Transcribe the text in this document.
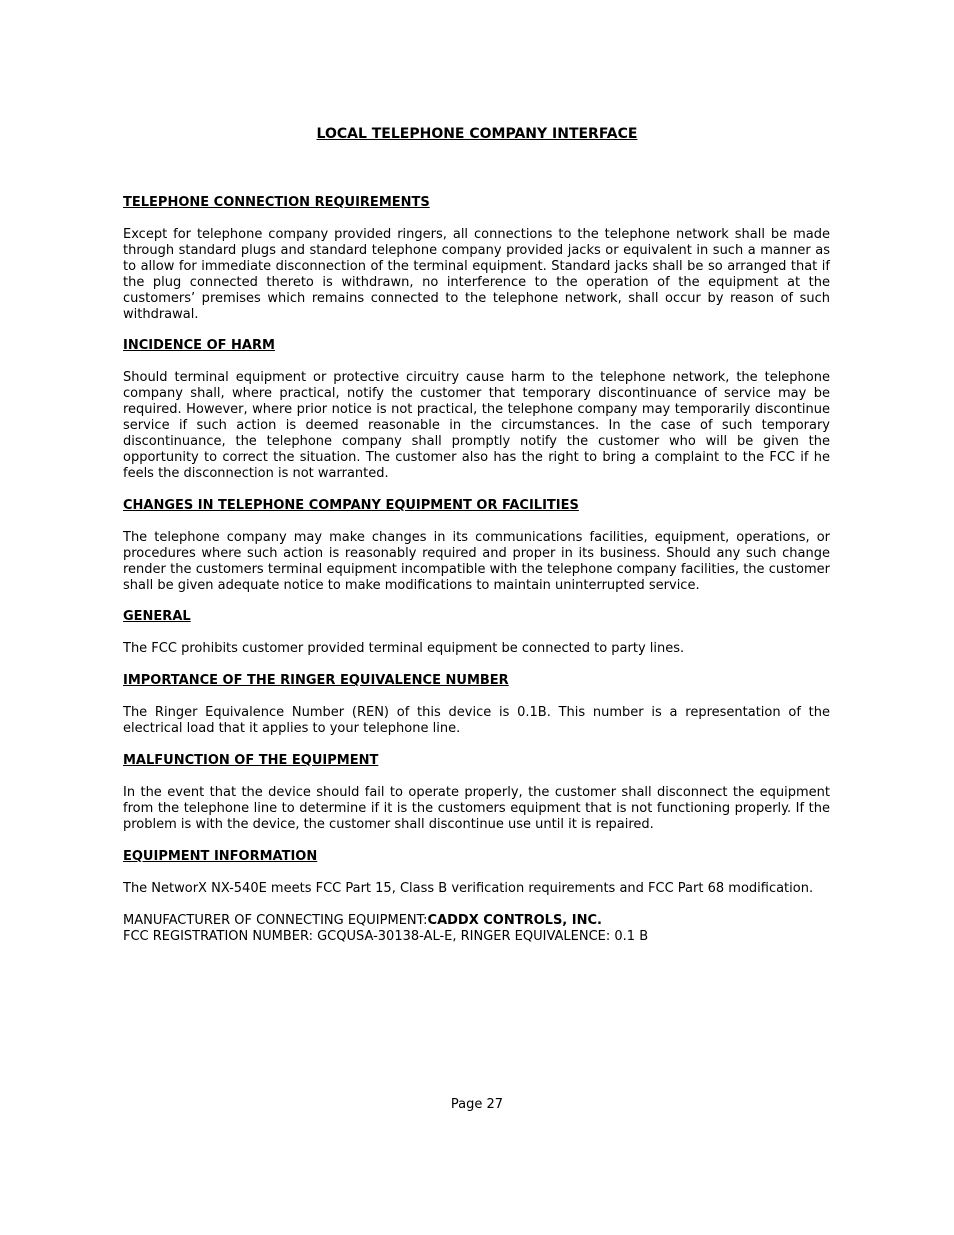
LOCAL TELEPHONE COMPANY INTERFACE
TELEPHONE CONNECTION REQUIREMENTS

Except for telephone company provided ringers, all connections to the telephone network shall be made through standard plugs and standard telephone company provided jacks or equivalent in such a manner as to allow for immediate disconnection of the terminal equipment. Standard jacks shall be so arranged that if the plug connected thereto is withdrawn, no interference to the operation of the equipment at the customers’ premises which remains connected to the telephone network, shall occur by reason of such withdrawal.

INCIDENCE OF HARM

Should terminal equipment or protective circuitry cause harm to the telephone network, the telephone company shall, where practical, notify the customer that temporary discontinuance of service may be required. However, where prior notice is not practical, the telephone company may temporarily discontinue service if such action is deemed reasonable in the circumstances. In the case of such temporary discontinuance, the telephone company shall promptly notify the customer who will be given the opportunity to correct the situation. The customer also has the right to bring a complaint to the FCC if he feels the disconnection is not warranted.

CHANGES IN TELEPHONE COMPANY EQUIPMENT OR FACILITIES

The telephone company may make changes in its communications facilities, equipment, operations, or procedures where such action is reasonably required and proper in its business. Should any such change render the customers terminal equipment incompatible with the telephone company facilities, the customer shall be given adequate notice to make modifications to maintain uninterrupted service.

GENERAL

The FCC prohibits customer provided terminal equipment be connected to party lines.

IMPORTANCE OF THE RINGER EQUIVALENCE NUMBER

The Ringer Equivalence Number (REN) of this device is 0.1B. This number is a representation of the electrical load that it applies to your telephone line.

MALFUNCTION OF THE EQUIPMENT

In the event that the device should fail to operate properly, the customer shall disconnect the equipment from the telephone line to determine if it is the customers equipment that is not functioning properly. If the problem is with the device, the customer shall discontinue use until it is repaired.

EQUIPMENT INFORMATION

The NetworX NX-540E meets FCC Part 15, Class B verification requirements and FCC Part 68 modification.

MANUFACTURER OF CONNECTING EQUIPMENT:CADDX CONTROLS, INC.

FCC REGISTRATION NUMBER: GCQUSA-30138-AL-E, RINGER EQUIVALENCE: 0.1 B

Page 27
